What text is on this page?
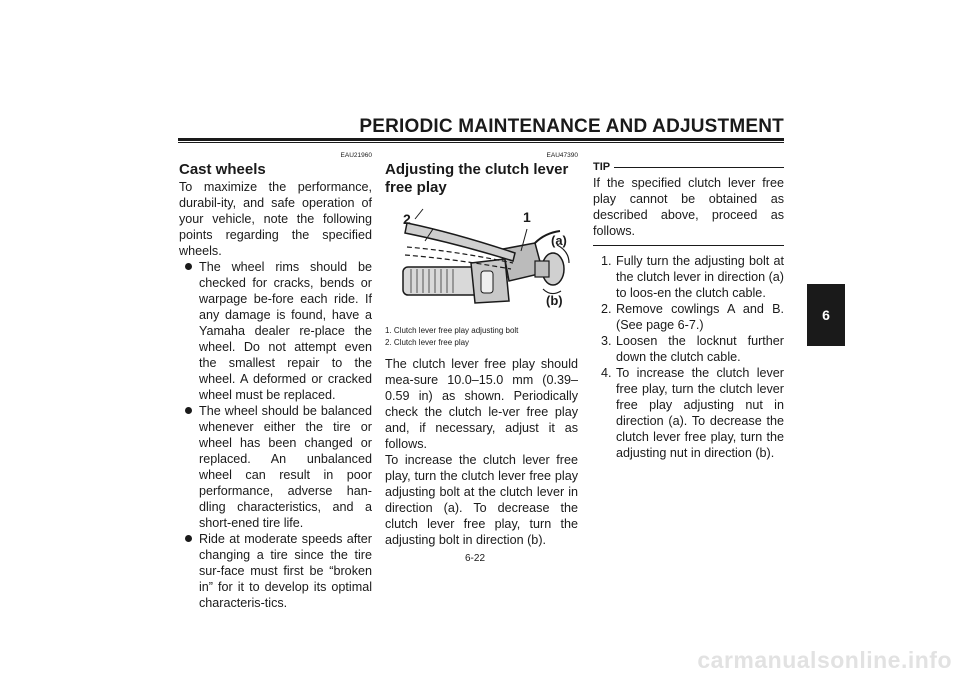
PERIODIC MAINTENANCE AND ADJUSTMENT
6
EAU21960
Cast wheels

To maximize the performance, durabil-ity, and safe operation of your vehicle, note the following points regarding the specified wheels.

The wheel rims should be checked for cracks, bends or warpage be-fore each ride. If any damage is found, have a Yamaha dealer re-place the wheel. Do not attempt even the smallest repair to the wheel. A deformed or cracked wheel must be replaced.
The wheel should be balanced whenever either the tire or wheel has been changed or replaced. An unbalanced wheel can result in poor performance, adverse han-dling characteristics, and a short-ened tire life.
Ride at moderate speeds after changing a tire since the tire sur-face must first be “broken in” for it to develop its optimal characteris-tics.
EAU47390
Adjusting the clutch lever free play
2	1
(a)
(b)
1. Clutch lever free play adjusting bolt
2. Clutch lever free play

The clutch lever free play should mea-sure 10.0–15.0 mm (0.39–0.59 in) as shown. Periodically check the clutch le-ver free play and, if necessary, adjust it as follows.

To increase the clutch lever free play, turn the clutch lever free play adjusting bolt at the clutch lever in direction (a). To decrease the clutch lever free play, turn the adjusting bolt in direction (b).

TIP

If the specified clutch lever free play cannot be obtained as described above, proceed as follows.

1. Fully turn the adjusting bolt at the clutch lever in direction (a) to loos-en the clutch cable.
2. Remove cowlings A and B. (See page 6-7.)
3. Loosen the locknut further down the clutch cable.
4. To increase the clutch lever free play, turn the clutch lever free play adjusting nut in direction (a). To decrease the clutch lever free play, turn the adjusting nut in direction (b).
6-22
carmanualsonline.info
